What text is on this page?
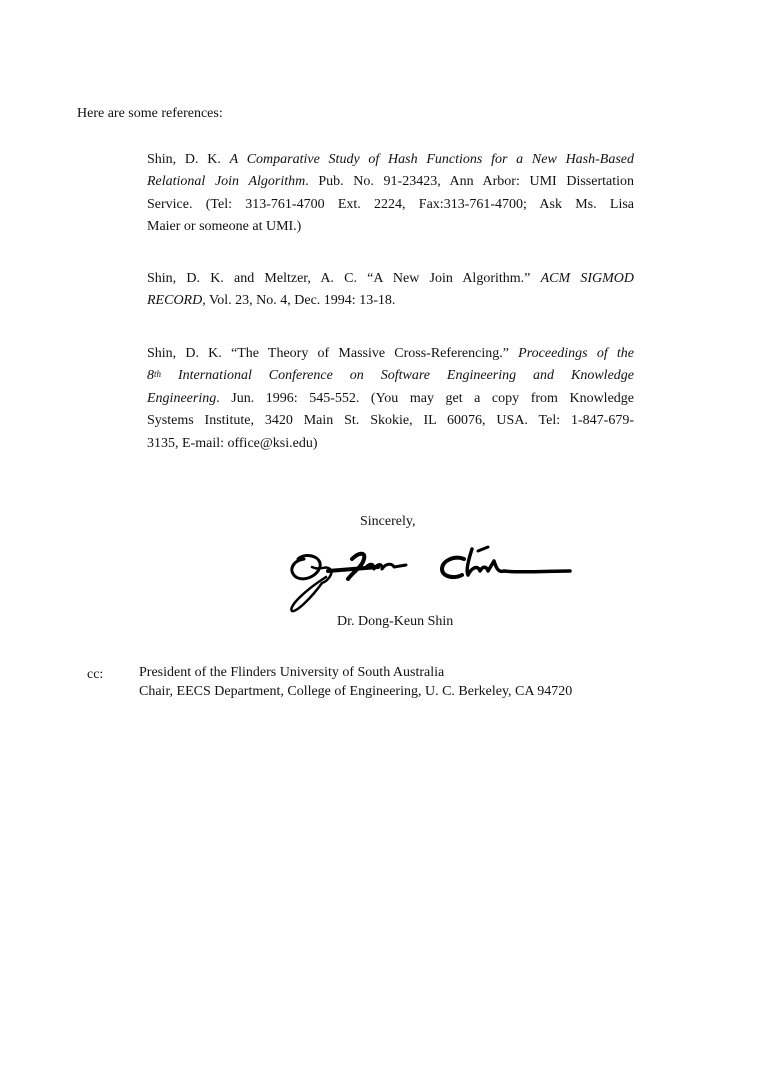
Here are some references:
Shin, D. K. A Comparative Study of Hash Functions for a New Hash-Based
Relational Join Algorithm. Pub. No. 91-23423, Ann Arbor: UMI Dissertation
Service. (Tel: 313-761-4700 Ext. 2224, Fax:313-761-4700; Ask Ms. Lisa
Maier or someone at UMI.)
Shin, D. K. and Meltzer, A. C. “A New Join Algorithm.” ACM SIGMOD
RECORD, Vol. 23, No. 4, Dec. 1994: 13-18.
Shin, D. K. “The Theory of Massive Cross-Referencing.” Proceedings of the
8th International Conference on Software Engineering and Knowledge
Engineering. Jun. 1996: 545-552. (You may get a copy from Knowledge
Systems Institute, 3420 Main St. Skokie, IL 60076, USA. Tel: 1-847-679-
3135, E-mail: office@ksi.edu)
Sincerely,
Dr. Dong-Keun Shin
cc:	President of the Flinders University of South Australia
Chair, EECS Department, College of Engineering, U. C. Berkeley, CA 94720
